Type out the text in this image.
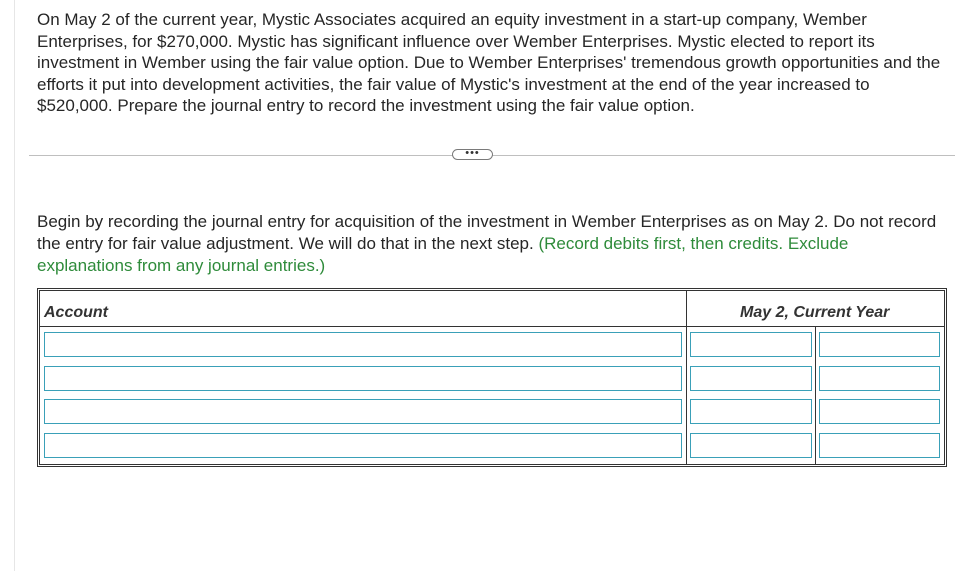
On May 2 of the current year, Mystic Associates acquired an equity investment in a start-up company, Wember Enterprises, for $270,000. Mystic has significant influence over Wember Enterprises. Mystic elected to report its investment in Wember using the fair value option. Due to Wember Enterprises' tremendous growth opportunities and the efforts it put into development activities, the fair value of Mystic's investment at the end of the year increased to $520,000. Prepare the journal entry to record the investment using the fair value option.

•••

Begin by recording the journal entry for acquisition of the investment in Wember Enterprises as on May 2. Do not record the entry for fair value adjustment. We will do that in the next step. (Record debits first, then credits. Exclude explanations from any journal entries.)

Account	May 2, Current Year
